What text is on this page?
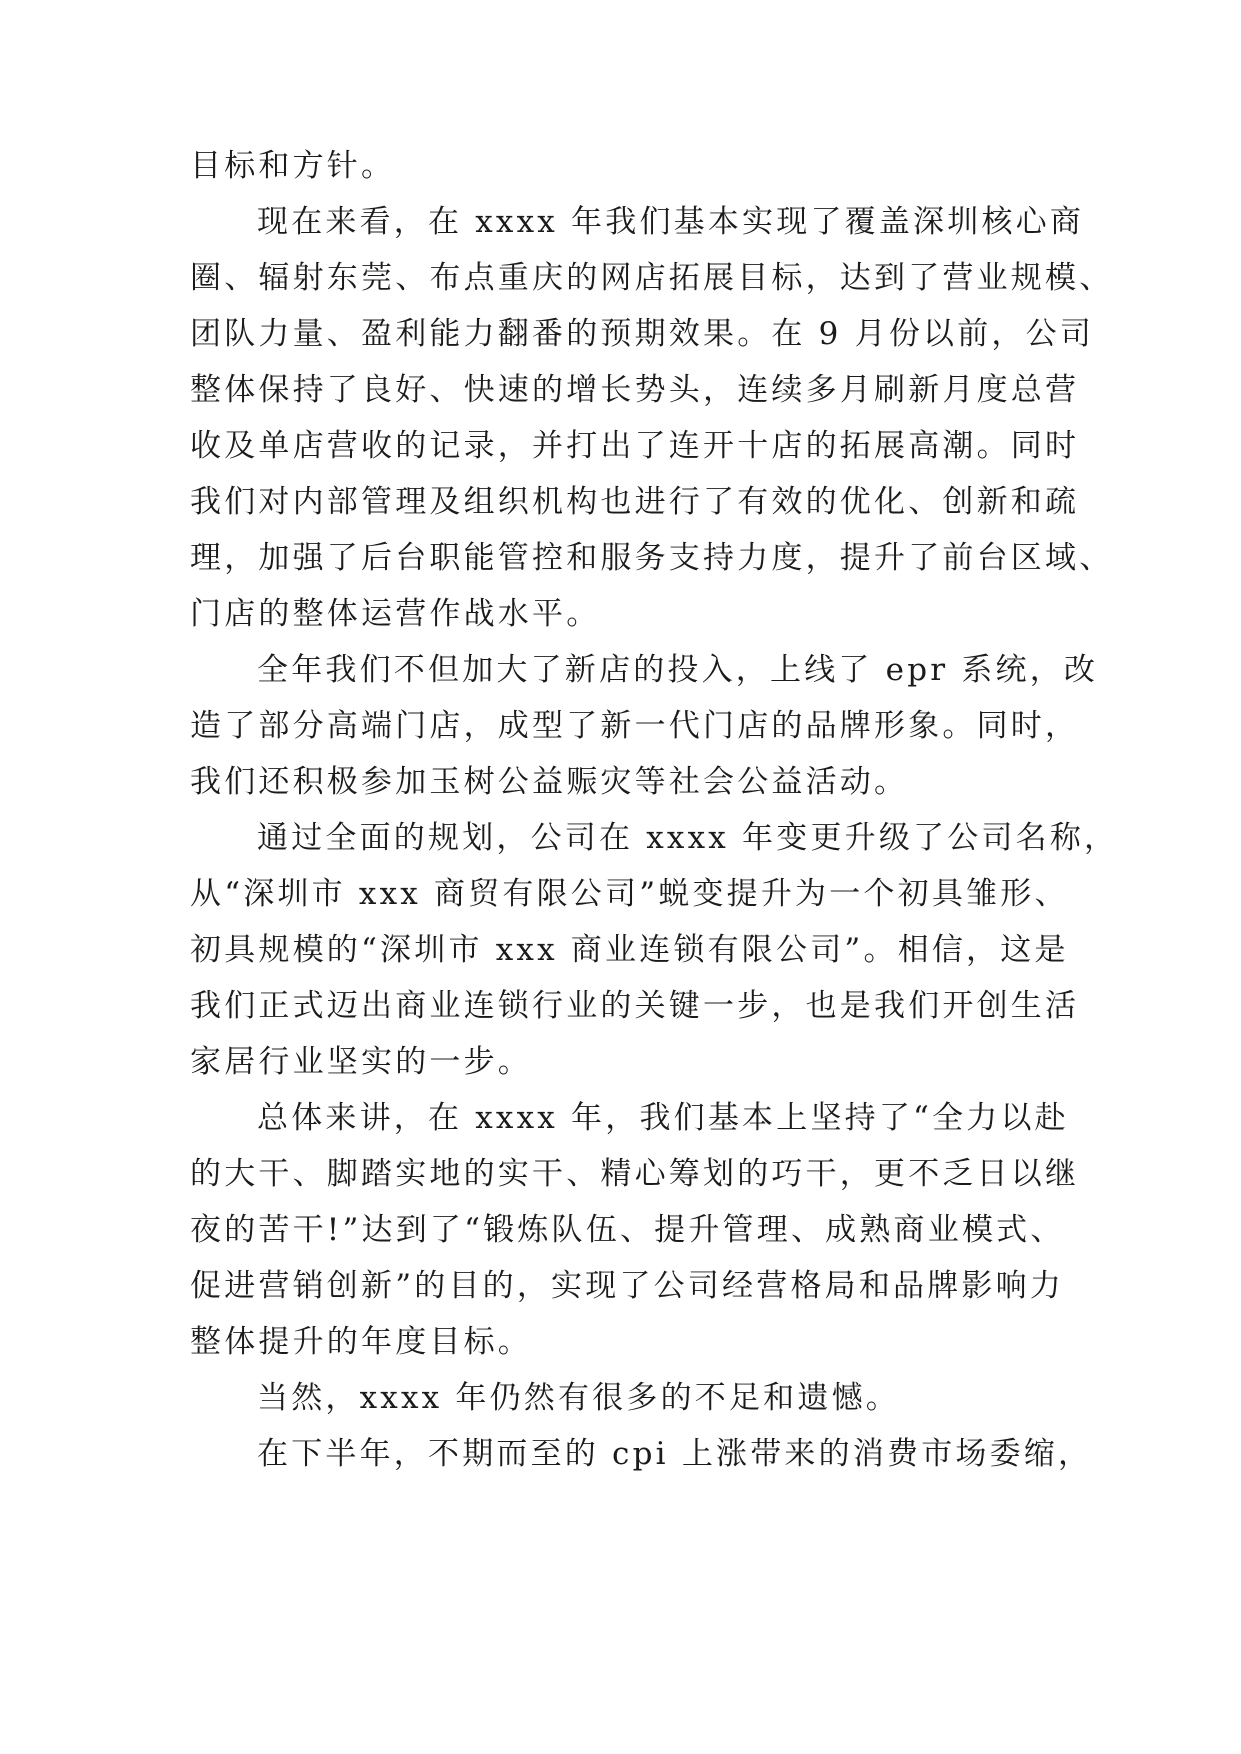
目标和方针。

现在来看，在 xxxx 年我们基本实现了覆盖深圳核心商

圈、辐射东莞、布点重庆的网店拓展目标，达到了营业规模、

团队力量、盈利能力翻番的预期效果。在 9 月份以前，公司

整体保持了良好、快速的增长势头，连续多月刷新月度总营

收及单店营收的记录，并打出了连开十店的拓展高潮。同时

我们对内部管理及组织机构也进行了有效的优化、创新和疏

理，加强了后台职能管控和服务支持力度，提升了前台区域、

门店的整体运营作战水平。

全年我们不但加大了新店的投入，上线了 epr 系统，改

造了部分高端门店，成型了新一代门店的品牌形象。同时，

我们还积极参加玉树公益赈灾等社会公益活动。

通过全面的规划，公司在 xxxx 年变更升级了公司名称，

从“深圳市 xxx 商贸有限公司”蜕变提升为一个初具雏形、

初具规模的“深圳市 xxx 商业连锁有限公司”。相信，这是

我们正式迈出商业连锁行业的关键一步，也是我们开创生活

家居行业坚实的一步。

总体来讲，在 xxxx 年，我们基本上坚持了“全力以赴

的大干、脚踏实地的实干、精心筹划的巧干，更不乏日以继

夜的苦干!”达到了“锻炼队伍、提升管理、成熟商业模式、

促进营销创新”的目的，实现了公司经营格局和品牌影响力

整体提升的年度目标。

当然，xxxx 年仍然有很多的不足和遗憾。

在下半年，不期而至的 cpi 上涨带来的消费市场委缩，
